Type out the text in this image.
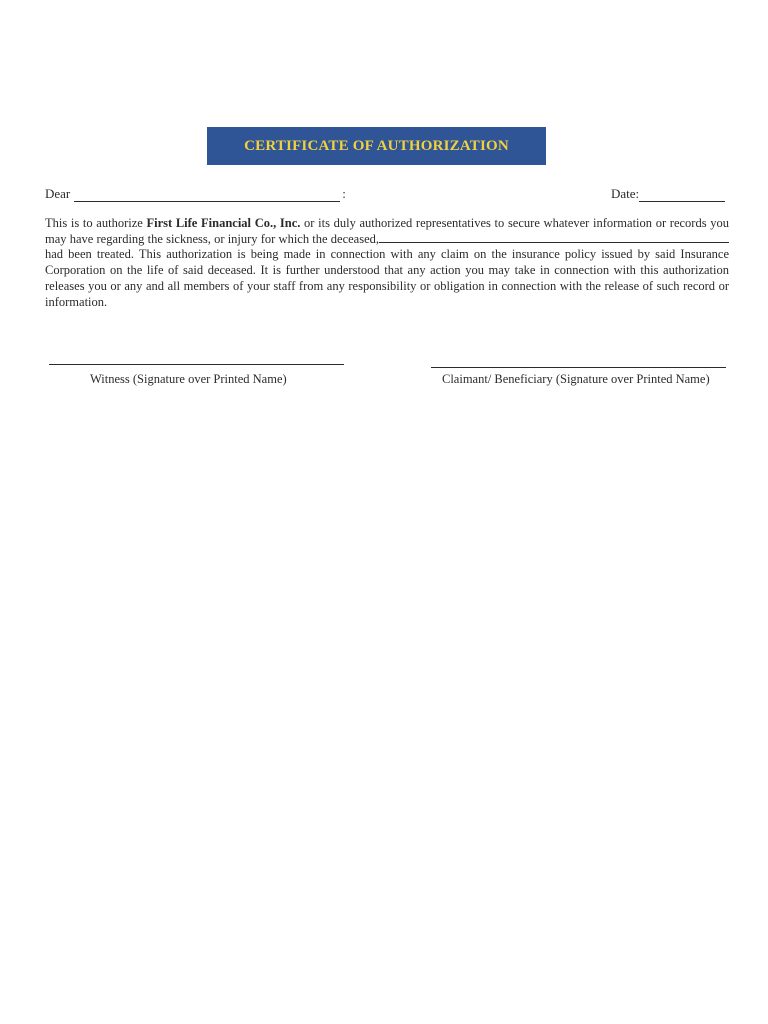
CERTIFICATE OF AUTHORIZATION
Dear	:	Date:
This is to authorize First Life Financial Co., Inc. or its duly authorized representatives to secure whatever information or records you may have regarding the sickness, or injury for which the deceased, had been treated. This authorization is being made in connection with any claim on the insurance policy issued by said Insurance Corporation on the life of said deceased. It is further understood that any action you may take in connection with this authorization releases you or any and all members of your staff from any responsibility or obligation in connection with the release of such record or information.
Witness (Signature over Printed Name)	Claimant/ Beneficiary (Signature over Printed Name)
